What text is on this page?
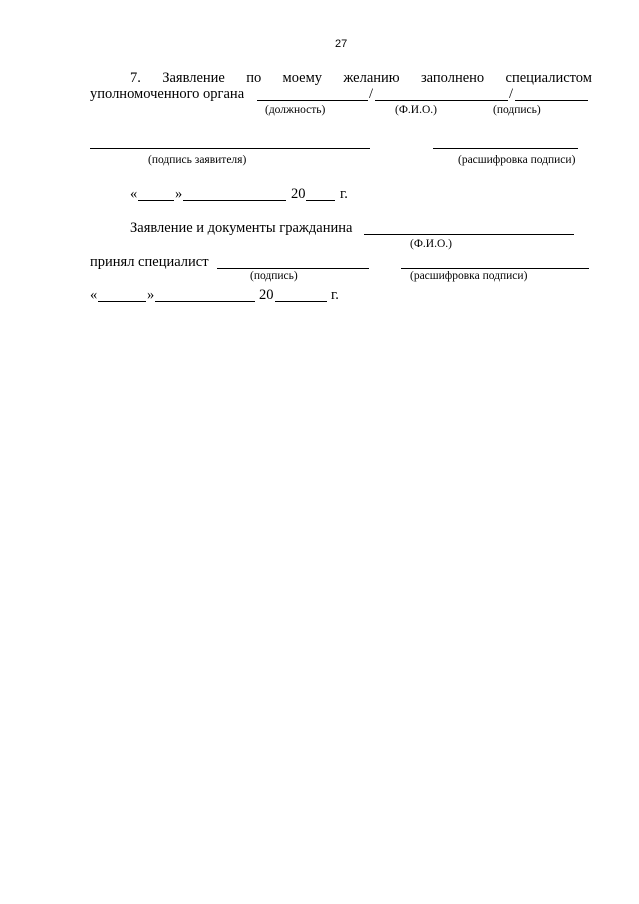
27
7. Заявление по моему желанию заполнено специалистом
уполномоченного органа	/	/
(должность)	(Ф.И.О.)	(подпись)
(подпись заявителя)	(расшифровка подписи)
«	»	20 г.
Заявление и документы гражданина
(Ф.И.О.)
принял специалист
(подпись)	(расшифровка подписи)
«	»	20	г.
